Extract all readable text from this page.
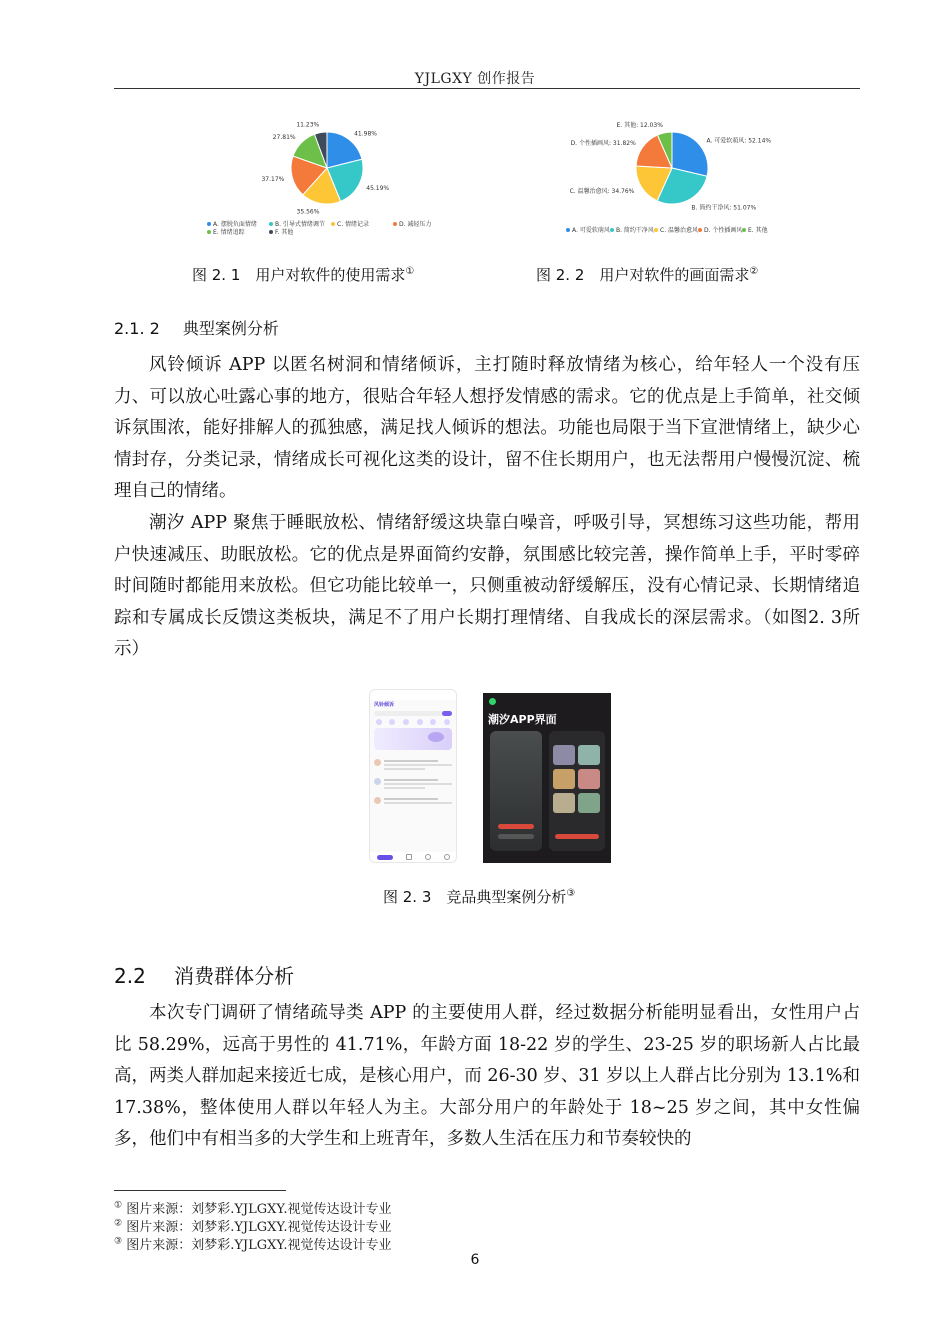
YJLGXY 创作报告
41.98%
45.19%
35.56%
37.17%
27.81%
11.23%
A. 摆脱负面情绪	B. 引导式情绪调节 C. 情绪记录	D. 减轻压力
E. 情绪追踪	F. 其他
A. 可爱软萌风: 52.14%
B. 简约干净风: 51.07%
C. 温馨治愈风: 34.76%
D. 个性插画风: 31.82%
E. 其他: 12.03%
A. 可爱软萌风 B. 简约干净风 C. 温馨治愈风 D. 个性插画风 E. 其他
图 2. 1　用户对软件的使用需求①	图 2. 2　用户对软件的画面需求②
2.1. 2 典型案例分析
风铃倾诉 APP 以匿名树洞和情绪倾诉，主打随时释放情绪为核心，给年轻人一个没有压力、可以放心吐露心事的地方，很贴合年轻人想抒发情感的需求。它的优点是上手简单，社交倾诉氛围浓，能好排解人的孤独感，满足找人倾诉的想法。功能也局限于当下宣泄情绪上，缺少心情封存，分类记录，情绪成长可视化这类的设计，留不住长期用户，也无法帮用户慢慢沉淀、梳理自己的情绪。
潮汐 APP 聚焦于睡眠放松、情绪舒缓这块靠白噪音，呼吸引导，冥想练习这些功能，帮用户快速减压、助眠放松。它的优点是界面简约安静，氛围感比较完善，操作简单上手，平时零碎时间随时都能用来放松。但它功能比较单一，只侧重被动舒缓解压，没有心情记录、长期情绪追踪和专属成长反馈这类板块，满足不了用户长期打理情绪、自我成长的深层需求。（如图2. 3所示）
风铃倾诉
潮汐APP界面
图 2. 3　竞品典型案例分析③
2.2 消费群体分析
本次专门调研了情绪疏导类 APP 的主要使用人群，经过数据分析能明显看出，女性用户占比 58.29%，远高于男性的 41.71%，年龄方面 18-22 岁的学生、23-25 岁的职场新人占比最高，两类人群加起来接近七成，是核心用户，而 26-30 岁、31 岁以上人群占比分别为 13.1%和 17.38%，整体使用人群以年轻人为主。大部分用户的年龄处于 18~25 岁之间，其中女性偏多，他们中有相当多的大学生和上班青年，多数人生活在压力和节奏较快的
① 图片来源：刘梦彩.YJLGXY.视觉传达设计专业
② 图片来源：刘梦彩.YJLGXY.视觉传达设计专业
③ 图片来源：刘梦彩.YJLGXY.视觉传达设计专业
6
